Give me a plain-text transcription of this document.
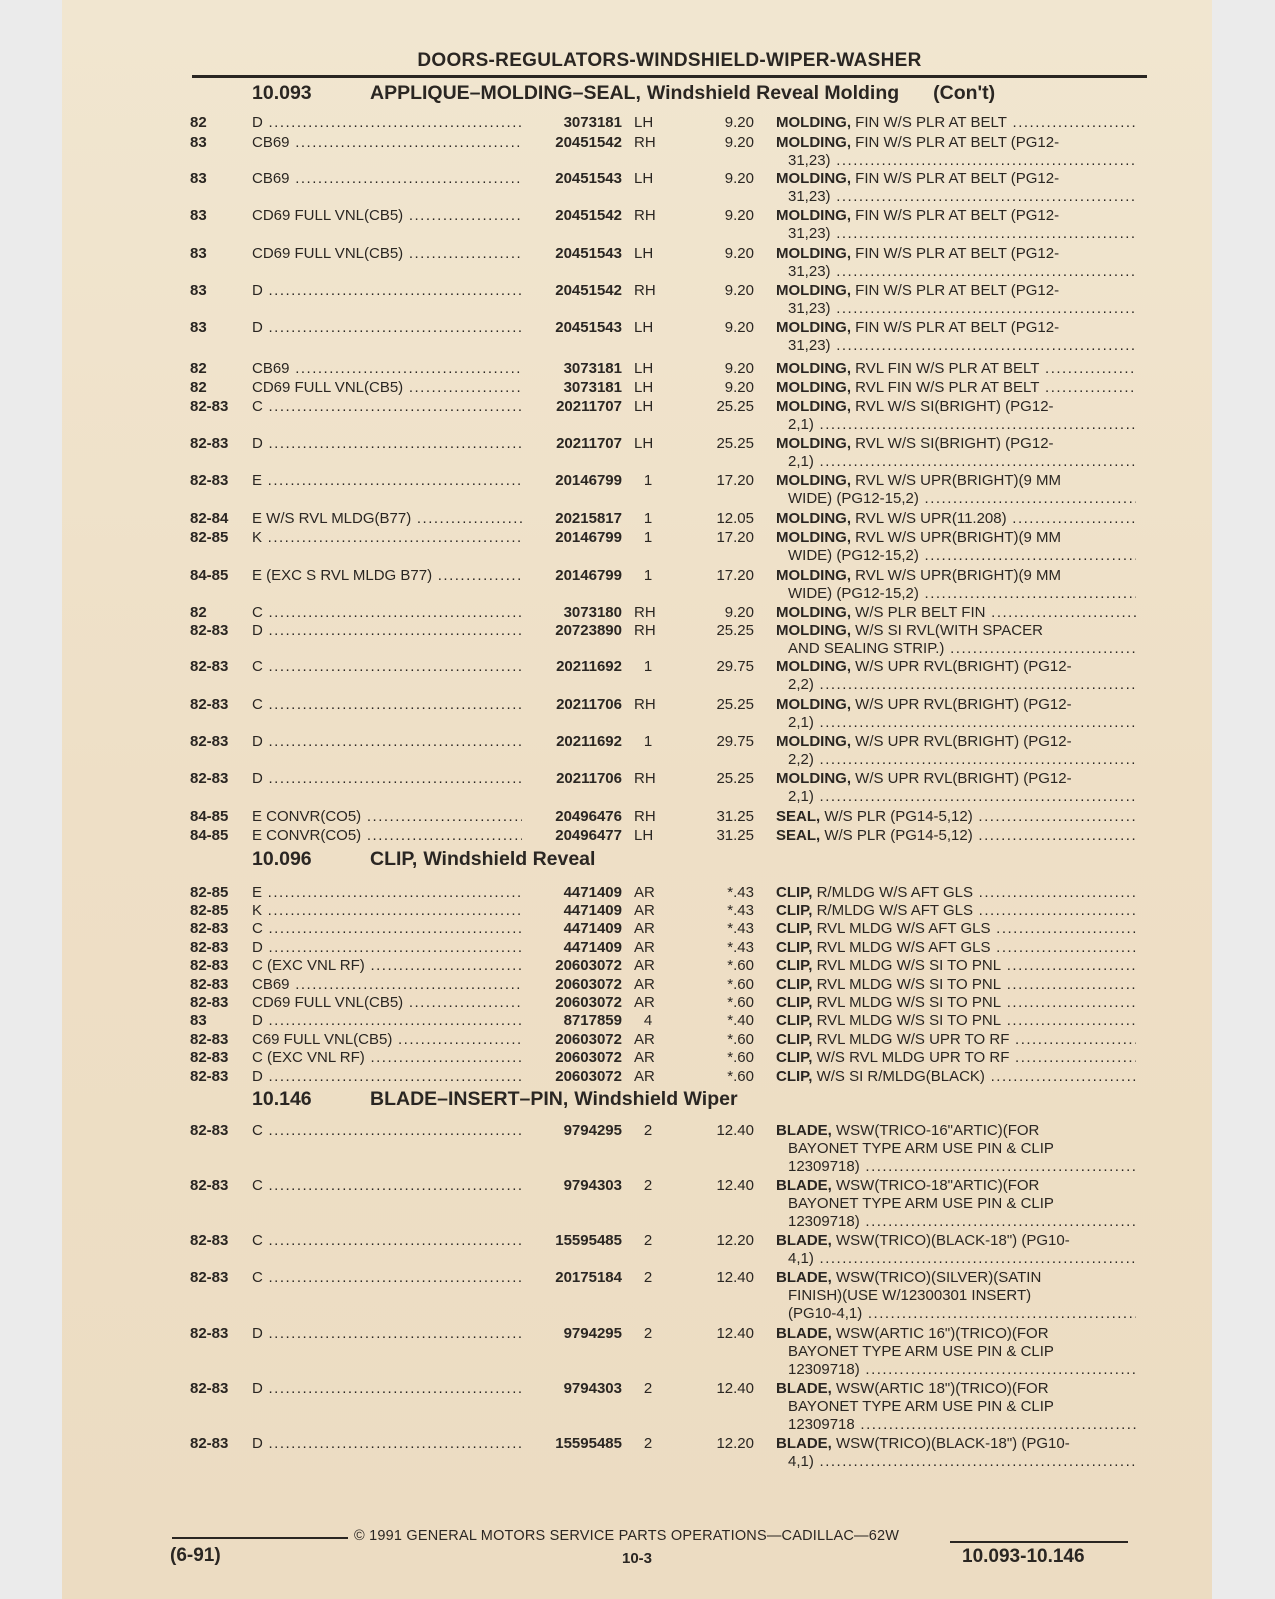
DOORS-REGULATORS-WINDSHIELD-WIPER-WASHER
10.093	APPLIQUE–MOLDING–SEAL, Windshield Reveal Molding (Con't)
10.096	CLIP, Windshield Reveal
10.146	BLADE–INSERT–PIN, Windshield Wiper
82	D .....	3073181 LH	9.20 MOLDING, FIN W/S PLR AT BELT .....
83	CB69 .....	20451542 RH	9.20 MOLDING, FIN W/S PLR AT BELT (PG12-
31,23) .....
83	CB69 .....	20451543 LH	9.20 MOLDING, FIN W/S PLR AT BELT (PG12-
31,23) .....
83	CD69 FULL VNL(CB5) .....	20451542 RH	9.20 MOLDING, FIN W/S PLR AT BELT (PG12-
31,23) .....
83	CD69 FULL VNL(CB5) .....	20451543 LH	9.20 MOLDING, FIN W/S PLR AT BELT (PG12-
31,23) .....
83	D .....	20451542 RH	9.20 MOLDING, FIN W/S PLR AT BELT (PG12-
31,23) .....
83	D .....	20451543 LH	9.20 MOLDING, FIN W/S PLR AT BELT (PG12-
31,23) .....
82	CB69 .....	3073181 LH	9.20 MOLDING, RVL FIN W/S PLR AT BELT .....
82	CD69 FULL VNL(CB5) .....	3073181 LH	9.20 MOLDING, RVL FIN W/S PLR AT BELT .....
82-83	C .....	20211707 LH	25.25 MOLDING, RVL W/S SI(BRIGHT) (PG12-
2,1) .....
82-83	D .....	20211707 LH	25.25 MOLDING, RVL W/S SI(BRIGHT) (PG12-
2,1) .....
82-83	E .....	20146799	1	17.20 MOLDING, RVL W/S UPR(BRIGHT)(9 MM
WIDE) (PG12-15,2) .....
82-84	E W/S RVL MLDG(B77) .....	20215817	1	12.05 MOLDING, RVL W/S UPR(11.208) .....
82-85	K .....	20146799	1	17.20 MOLDING, RVL W/S UPR(BRIGHT)(9 MM
WIDE) (PG12-15,2) .....
84-85	E (EXC S RVL MLDG B77) .....	20146799	1	17.20 MOLDING, RVL W/S UPR(BRIGHT)(9 MM
WIDE) (PG12-15,2) .....
82	C .....	3073180 RH	9.20 MOLDING, W/S PLR BELT FIN .....
82-83	D .....	20723890 RH	25.25 MOLDING, W/S SI RVL(WITH SPACER
AND SEALING STRIP.) .....
82-83	C .....	20211692	1	29.75 MOLDING, W/S UPR RVL(BRIGHT) (PG12-
2,2) .....
82-83	C .....	20211706 RH	25.25 MOLDING, W/S UPR RVL(BRIGHT) (PG12-
2,1) .....
82-83	D .....	20211692	1	29.75 MOLDING, W/S UPR RVL(BRIGHT) (PG12-
2,2) .....
82-83	D .....	20211706 RH	25.25 MOLDING, W/S UPR RVL(BRIGHT) (PG12-
2,1) .....
84-85	E CONVR(CO5) .....	20496476 RH	31.25 SEAL, W/S PLR (PG14-5,12) .....
84-85	E CONVR(CO5) .....	20496477 LH	31.25 SEAL, W/S PLR (PG14-5,12) .....
82-85	E .....	4471409 AR	*.43 CLIP, R/MLDG W/S AFT GLS .....
82-85	K .....	4471409 AR	*.43 CLIP, R/MLDG W/S AFT GLS .....
82-83	C .....	4471409 AR	*.43 CLIP, RVL MLDG W/S AFT GLS .....
82-83	D .....	4471409 AR	*.43 CLIP, RVL MLDG W/S AFT GLS .....
82-83	C (EXC VNL RF) .....	20603072 AR	*.60 CLIP, RVL MLDG W/S SI TO PNL .....
82-83	CB69 .....	20603072 AR	*.60 CLIP, RVL MLDG W/S SI TO PNL .....
82-83	CD69 FULL VNL(CB5) .....	20603072 AR	*.60 CLIP, RVL MLDG W/S SI TO PNL .....
83	D .....	8717859	4	*.40 CLIP, RVL MLDG W/S SI TO PNL .....
82-83	C69 FULL VNL(CB5) .....	20603072 AR	*.60 CLIP, RVL MLDG W/S UPR TO RF .....
82-83	C (EXC VNL RF) .....	20603072 AR	*.60 CLIP, W/S RVL MLDG UPR TO RF .....
82-83	D .....	20603072 AR	*.60 CLIP, W/S SI R/MLDG(BLACK) .....
82-83	C .....	9794295	2	12.40 BLADE, WSW(TRICO-16"ARTIC)(FOR
BAYONET TYPE ARM USE PIN & CLIP
12309718) .....
82-83	C .....	9794303	2	12.40 BLADE, WSW(TRICO-18"ARTIC)(FOR
BAYONET TYPE ARM USE PIN & CLIP
12309718) .....
82-83	C .....	15595485	2	12.20 BLADE, WSW(TRICO)(BLACK-18") (PG10-
4,1) .....
82-83	C .....	20175184	2	12.40 BLADE, WSW(TRICO)(SILVER)(SATIN
FINISH)(USE W/12300301 INSERT)
(PG10-4,1) .....
82-83	D .....	9794295	2	12.40 BLADE, WSW(ARTIC 16")(TRICO)(FOR
BAYONET TYPE ARM USE PIN & CLIP
12309718) .....
82-83	D .....	9794303	2	12.40 BLADE, WSW(ARTIC 18")(TRICO)(FOR
BAYONET TYPE ARM USE PIN & CLIP
12309718 .....
82-83	D .....	15595485	2	12.20 BLADE, WSW(TRICO)(BLACK-18") (PG10-
4,1) .....
© 1991 GENERAL MOTORS SERVICE PARTS OPERATIONS—CADILLAC—62W
(6-91)	10-3	10.093-10.146
